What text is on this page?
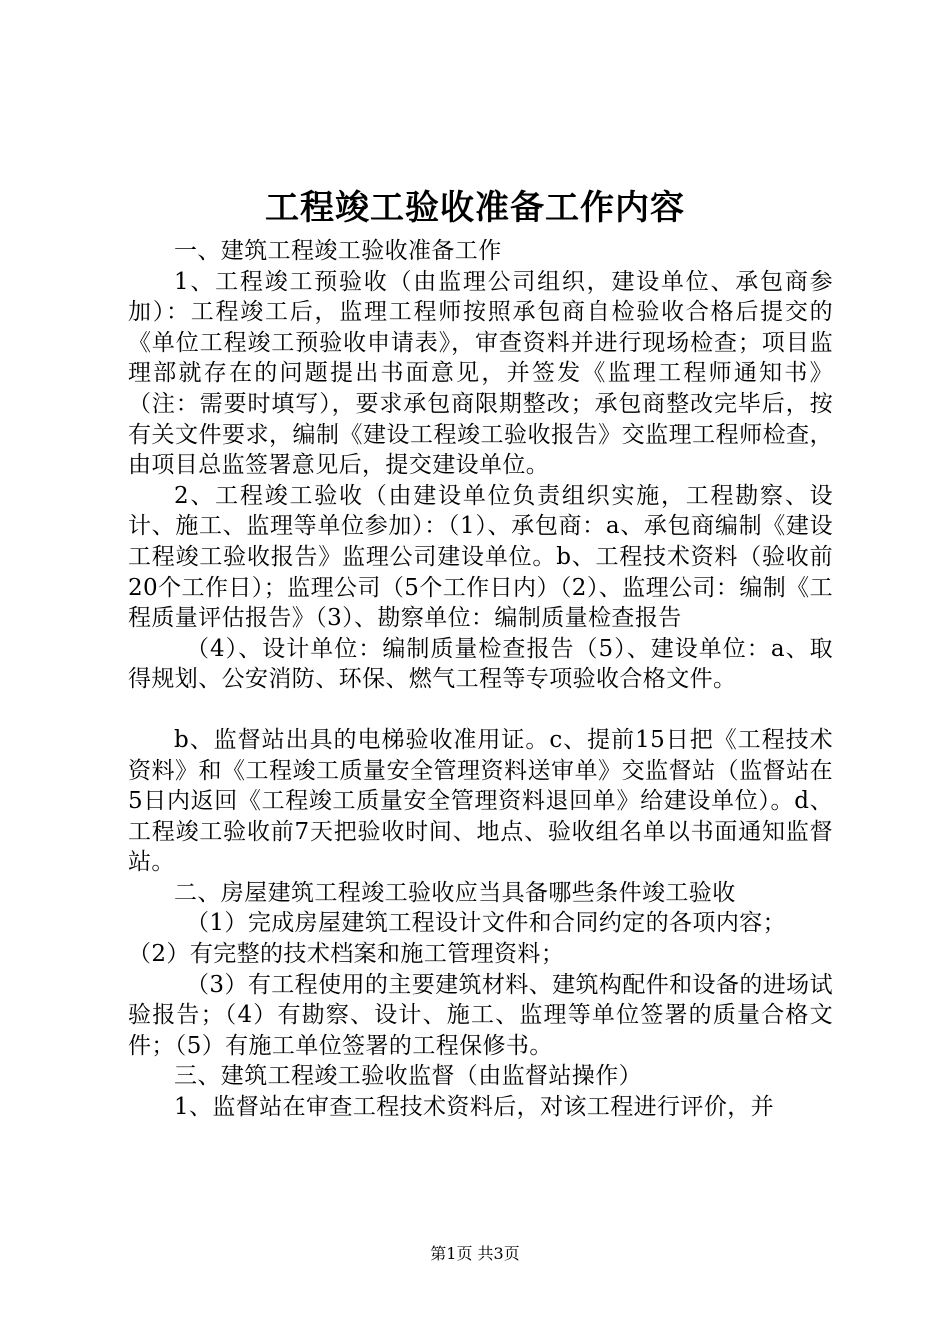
工程竣工验收准备工作内容

一、建筑工程竣工验收准备工作

1、工程竣工预验收（由监理公司组织，建设单位、承包商参加）：工程竣工后，监理工程师按照承包商自检验收合格后提交的《单位工程竣工预验收申请表》，审查资料并进行现场检查；项目监理部就存在的问题提出书面意见，并签发《监理工程师通知书》（注：需要时填写），要求承包商限期整改；承包商整改完毕后，按有关文件要求，编制《建设工程竣工验收报告》交监理工程师检查，由项目总监签署意见后，提交建设单位。

2、工程竣工验收（由建设单位负责组织实施，工程勘察、设计、施工、监理等单位参加）：（1）、承包商：a、承包商编制《建设工程竣工验收报告》监理公司建设单位。b、工程技术资料（验收前20个工作日）；监理公司（5个工作日内）（2）、监理公司：编制《工程质量评估报告》（3）、勘察单位：编制质量检查报告

（4）、设计单位：编制质量检查报告（5）、建设单位：a、取得规划、公安消防、环保、燃气工程等专项验收合格文件。

b、监督站出具的电梯验收准用证。c、提前15日把《工程技术资料》和《工程竣工质量安全管理资料送审单》交监督站（监督站在5日内返回《工程竣工质量安全管理资料退回单》给建设单位）。d、工程竣工验收前7天把验收时间、地点、验收组名单以书面通知监督站。

二、房屋建筑工程竣工验收应当具备哪些条件竣工验收

（1）完成房屋建筑工程设计文件和合同约定的各项内容；

（2）有完整的技术档案和施工管理资料；

（3）有工程使用的主要建筑材料、建筑构配件和设备的进场试验报告；（4）有勘察、设计、施工、监理等单位签署的质量合格文件；（5）有施工单位签署的工程保修书。

三、建筑工程竣工验收监督（由监督站操作）

1、监督站在审查工程技术资料后，对该工程进行评价，并

第1页 共3页
